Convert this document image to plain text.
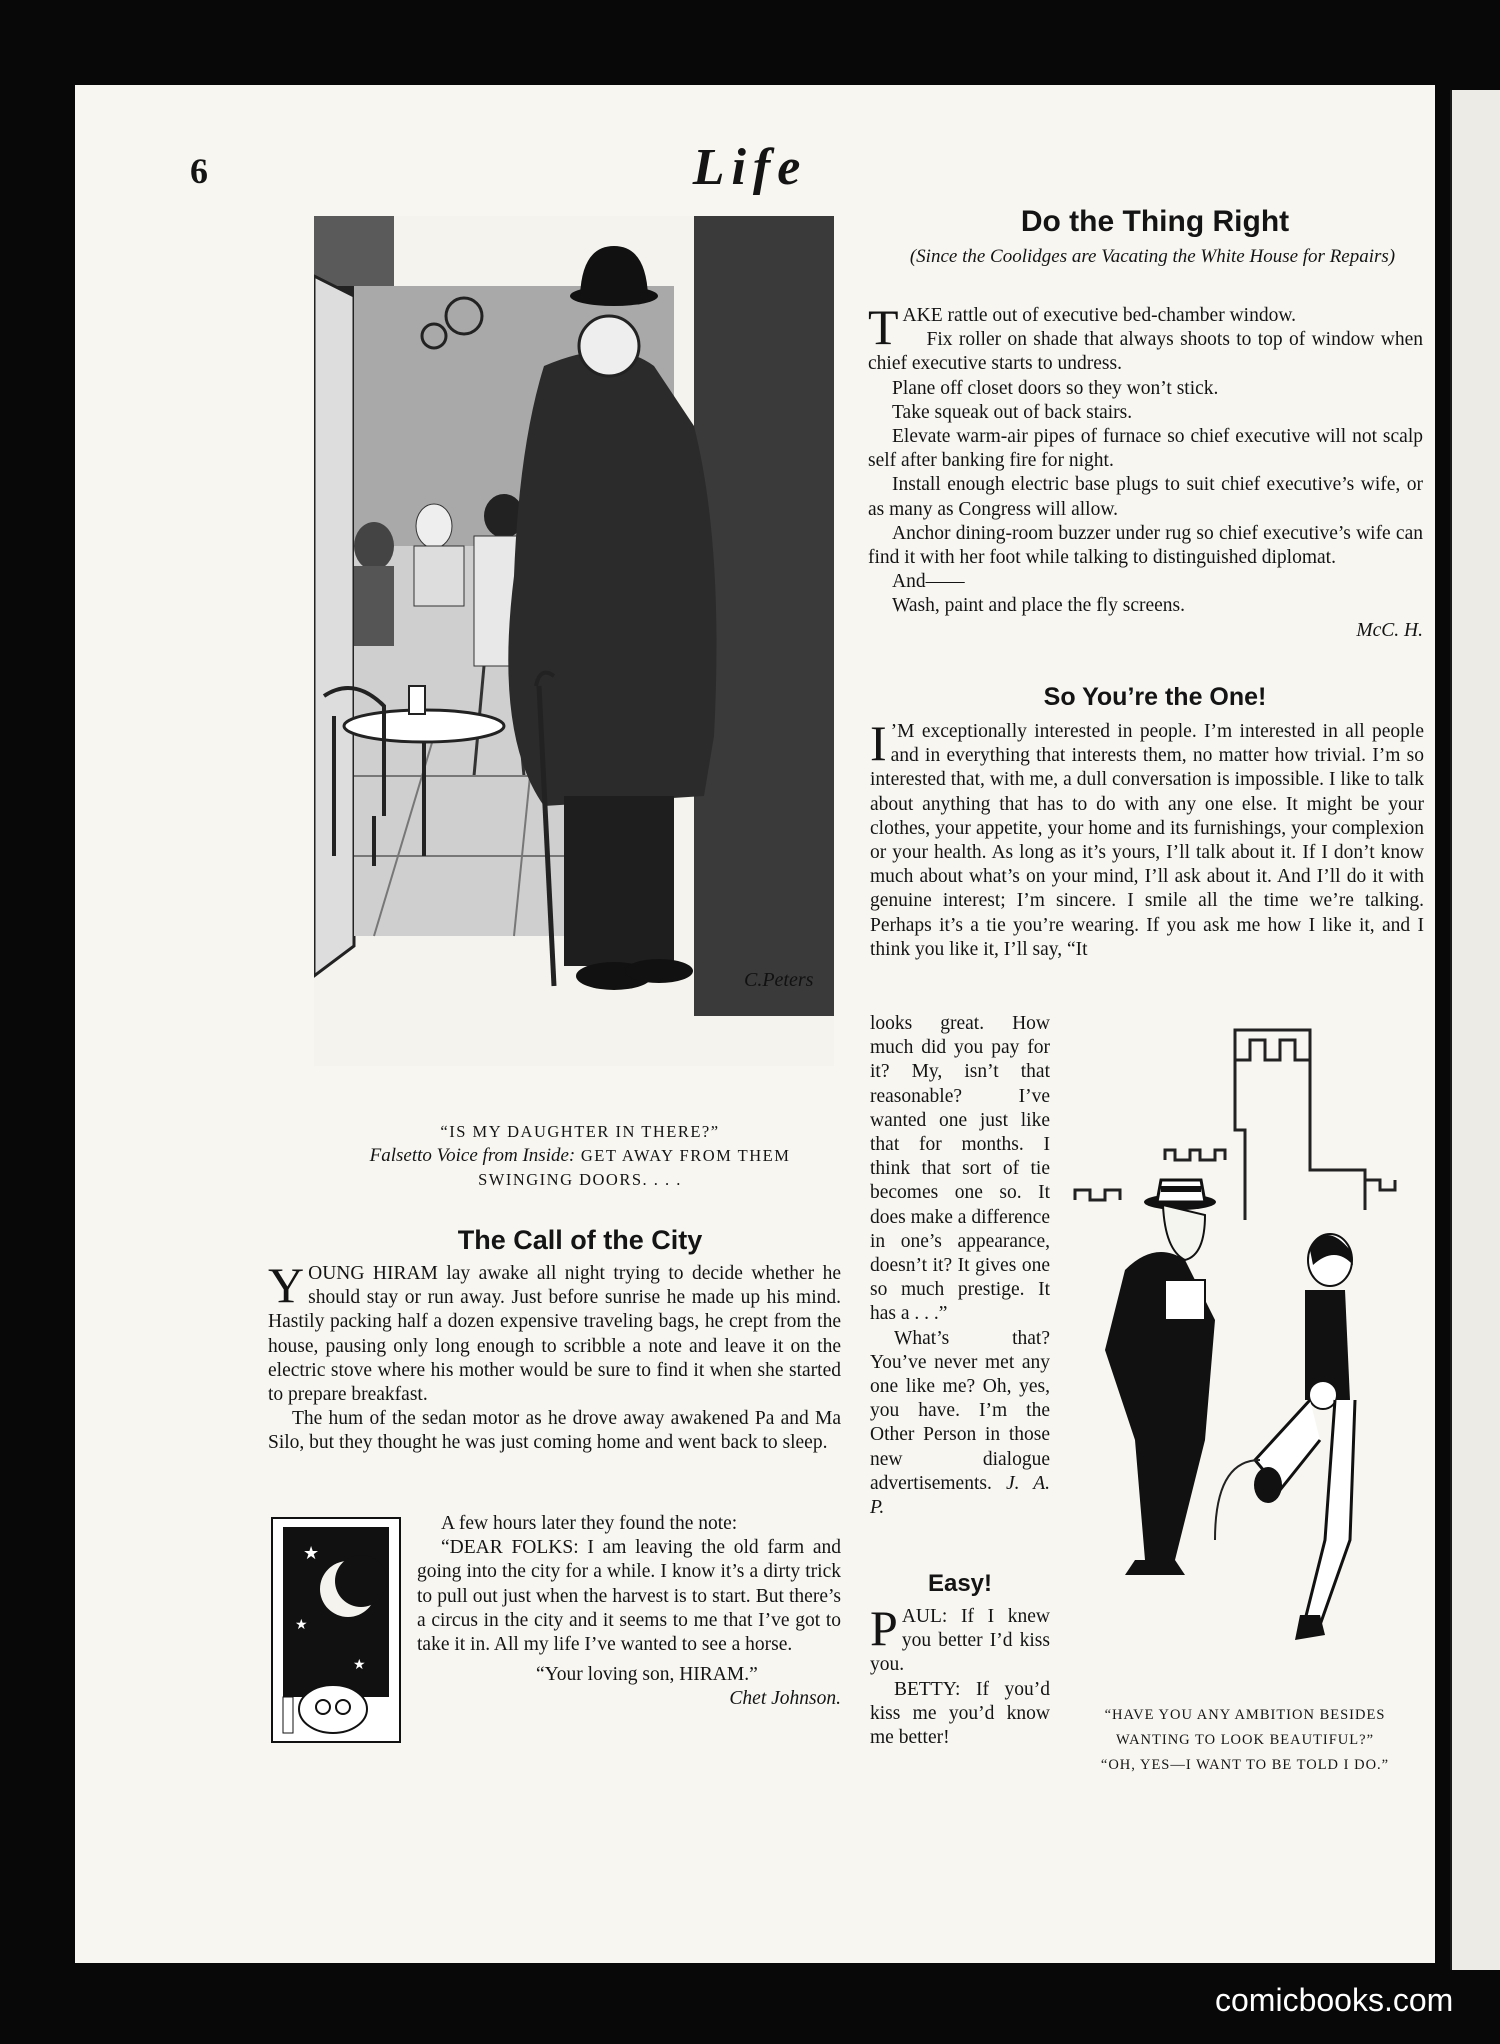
6	Life
C.Peters
“IS MY DAUGHTER IN THERE?”
Falsetto Voice from Inside: GET AWAY FROM THEM
SWINGING DOORS. . . .
The Call of the City

Y OUNG HIRAM lay awake all night trying to decide whether he should stay or run away. Just before sunrise he made up his mind. Hastily packing half a dozen expensive traveling bags, he crept from the house, pausing only long enough to scribble a note and leave it on the electric stove where his mother would be sure to find it when she started to prepare breakfast.

The hum of the sedan motor as he drove away awakened Pa and Ma Silo, but they thought he was just coming home and went back to sleep.

★
★
★

A few hours later they found the note:

“DEAR FOLKS: I am leaving the old farm and going into the city for a while. I know it’s a dirty trick to pull out just when the harvest is to start. But there’s a circus in the city and it seems to me that I’ve got to take it in. All my life I’ve wanted to see a horse.

“Your loving son, HIRAM.”

Chet Johnson.
Do the Thing Right
(Since the Coolidges are Vacating the White House for Repairs)

T AKE rattle out of executive bed-chamber window.

Fix roller on shade that always shoots to top of window when chief executive starts to undress.

Plane off closet doors so they won’t stick.

Take squeak out of back stairs.

Elevate warm-air pipes of furnace so chief executive will not scalp self after banking fire for night.

Install enough electric base plugs to suit chief executive’s wife, or as many as Congress will allow.

Anchor dining-room buzzer under rug so chief executive’s wife can find it with her foot while talking to distinguished diplomat.

And——

Wash, paint and place the fly screens.

McC. H.
So You’re the One!

I ’M exceptionally interested in people. I’m interested in all people and in everything that interests them, no matter how trivial. I’m so interested that, with me, a dull conversation is impossible. I like to talk about anything that has to do with any one else. It might be your clothes, your appetite, your home and its furnishings, your complexion or your health. As long as it’s yours, I’ll talk about it. If I don’t know much about what’s on your mind, I’ll ask about it. And I’ll do it with genuine interest; I’m sincere. I smile all the time we’re talking. Perhaps it’s a tie you’re wearing. If you ask me how I like it, and I think you like it, I’ll say, “It

looks great. How much did you pay for it? My, isn’t that reasonable? I’ve wanted one just like that for months. I think that sort of tie becomes one so. It does make a difference in one’s appearance, doesn’t it? It gives one so much prestige. It has a . . .”

What’s that? You’ve never met any one like me? Oh, yes, you have. I’m the Other Person in those new dialogue advertisements. J. A. P.

Easy!

P AUL: If I knew you better I’d kiss you.

BETTY: If you’d kiss me you’d know me better!

“HAVE YOU ANY AMBITION BESIDES
WANTING TO LOOK BEAUTIFUL?”
“OH, YES—I WANT TO BE TOLD I DO.”
comicbooks.com
